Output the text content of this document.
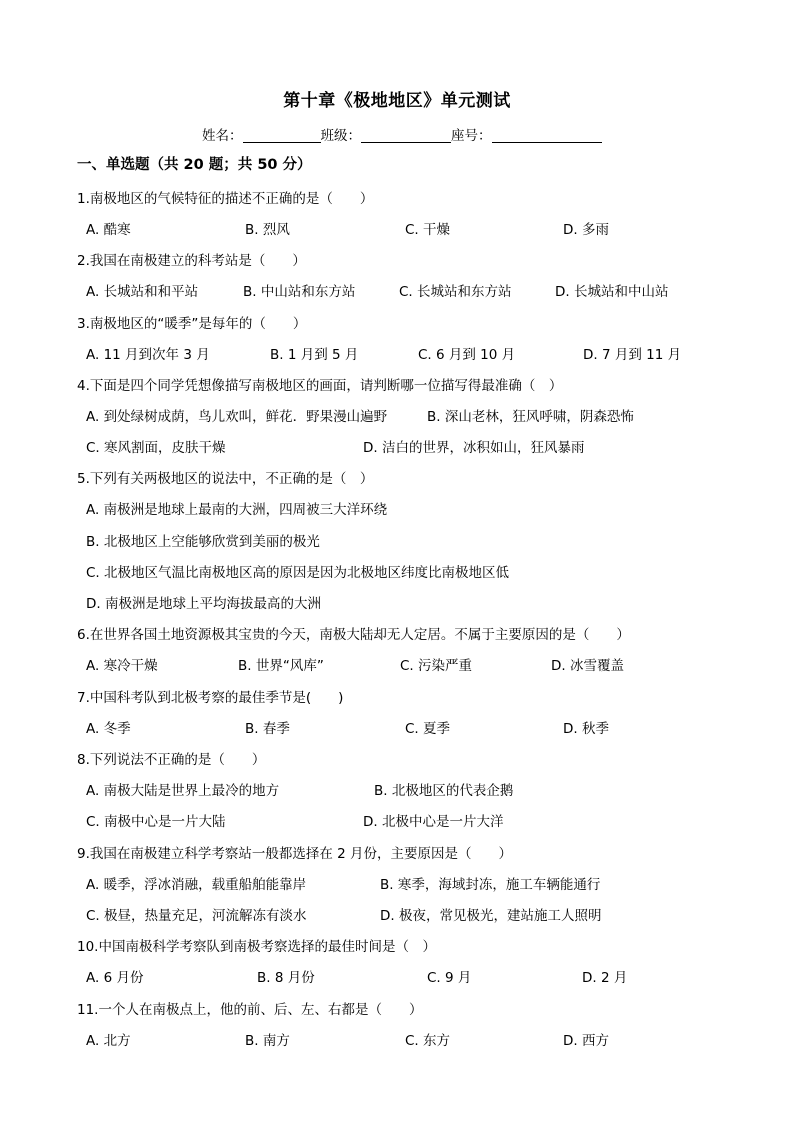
第十章《极地地区》单元测试
姓名：	班级：	座号：
一、单选题（共 20 题；共 50 分）
1.南极地区的气候特征的描述不正确的是（　　）
A. 酷寒	B. 烈风	C. 干燥	D. 多雨
2.我国在南极建立的科考站是（　　）
A. 长城站和和平站	B. 中山站和东方站	C. 长城站和东方站	D. 长城站和中山站
3.南极地区的“暖季”是每年的（　　）
A. 11 月到次年 3 月	B. 1 月到 5 月	C. 6 月到 10 月	D. 7 月到 11 月
4.下面是四个同学凭想像描写南极地区的画面，请判断哪一位描写得最准确（　）
A. 到处绿树成荫，鸟儿欢叫，鲜花．野果漫山遍野	B. 深山老林，狂风呼啸，阴森恐怖
C. 寒风割面，皮肤干燥	D. 洁白的世界，冰积如山，狂风暴雨
5.下列有关两极地区的说法中，不正确的是（　）
A. 南极洲是地球上最南的大洲，四周被三大洋环绕
B. 北极地区上空能够欣赏到美丽的极光
C. 北极地区气温比南极地区高的原因是因为北极地区纬度比南极地区低
D. 南极洲是地球上平均海拔最高的大洲
6.在世界各国土地资源极其宝贵的今天，南极大陆却无人定居。不属于主要原因的是（　　）
A. 寒冷干燥	B. 世界“风库”	C. 污染严重	D. 冰雪覆盖
7.中国科考队到北极考察的最佳季节是(　　)
A. 冬季	B. 春季	C. 夏季	D. 秋季
8.下列说法不正确的是（　　）
A. 南极大陆是世界上最冷的地方	B. 北极地区的代表企鹅
C. 南极中心是一片大陆	D. 北极中心是一片大洋
9.我国在南极建立科学考察站一般都选择在 2 月份，主要原因是（　　）
A. 暖季，浮冰消融，载重船舶能靠岸	B. 寒季，海域封冻，施工车辆能通行
C. 极昼，热量充足，河流解冻有淡水	D. 极夜，常见极光，建站施工人照明
10.中国南极科学考察队到南极考察选择的最佳时间是（　）
A. 6 月份	B. 8 月份	C. 9 月	D. 2 月
11.一个人在南极点上，他的前、后、左、右都是（　　）
A. 北方	B. 南方	C. 东方	D. 西方
